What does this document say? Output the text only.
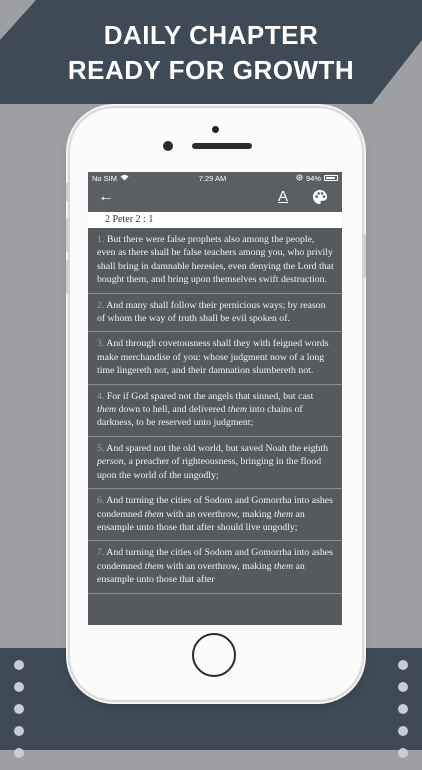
DAILY CHAPTER
READY FOR GROWTH
No SIM	7:29 AM	94%
←	A
2 Peter 2 : 1
1. But there were false prophets also among the people, even as there shall be false teachers among you, who privily shall bring in damnable heresies, even denying the Lord that bought them, and bring upon themselves swift destruction.
2. And many shall follow their pernicious ways; by reason of whom the way of truth shall be evil spoken of.
3. And through covetousness shall they with feigned words make merchandise of you: whose judgment now of a long time lingereth not, and their damnation slumbereth not.
4. For if God spared not the angels that sinned, but cast them down to hell, and delivered them into chains of darkness, to be reserved unto judgment;
5. And spared not the old world, but saved Noah the eighth person, a preacher of righteousness, bringing in the flood upon the world of the ungodly;
6. And turning the cities of Sodom and Gomorrha into ashes condemned them with an overthrow, making them an ensample unto those that after should live ungodly;
7. And turning the cities of Sodom and Gomorrha into ashes condemned them with an overthrow, making them an ensample unto those that after
